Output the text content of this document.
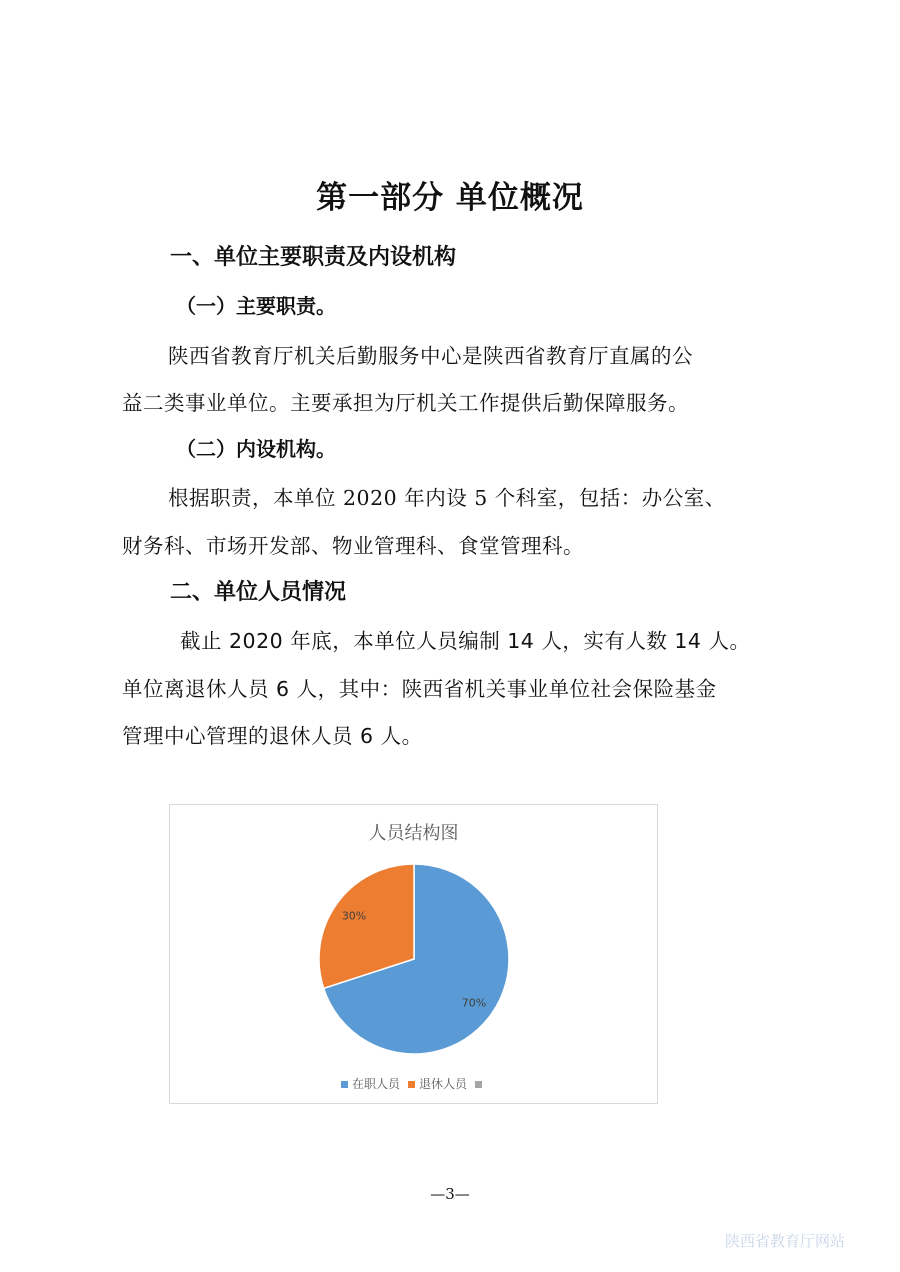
第一部分 单位概况
一、单位主要职责及内设机构
（一）主要职责。
陕西省教育厅机关后勤服务中心是陕西省教育厅直属的公
益二类事业单位。主要承担为厅机关工作提供后勤保障服务。
（二）内设机构。
根据职责，本单位 2020 年内设 5 个科室，包括：办公室、
财务科、市场开发部、物业管理科、食堂管理科。
二、单位人员情况
截止 2020 年底，本单位人员编制 14 人，实有人数 14 人。
单位离退休人员 6 人，其中：陕西省机关事业单位社会保险基金
管理中心管理的退休人员 6 人。
人员结构图
70%
30%
在职人员 退休人员
—3—
陕西省教育厅网站
